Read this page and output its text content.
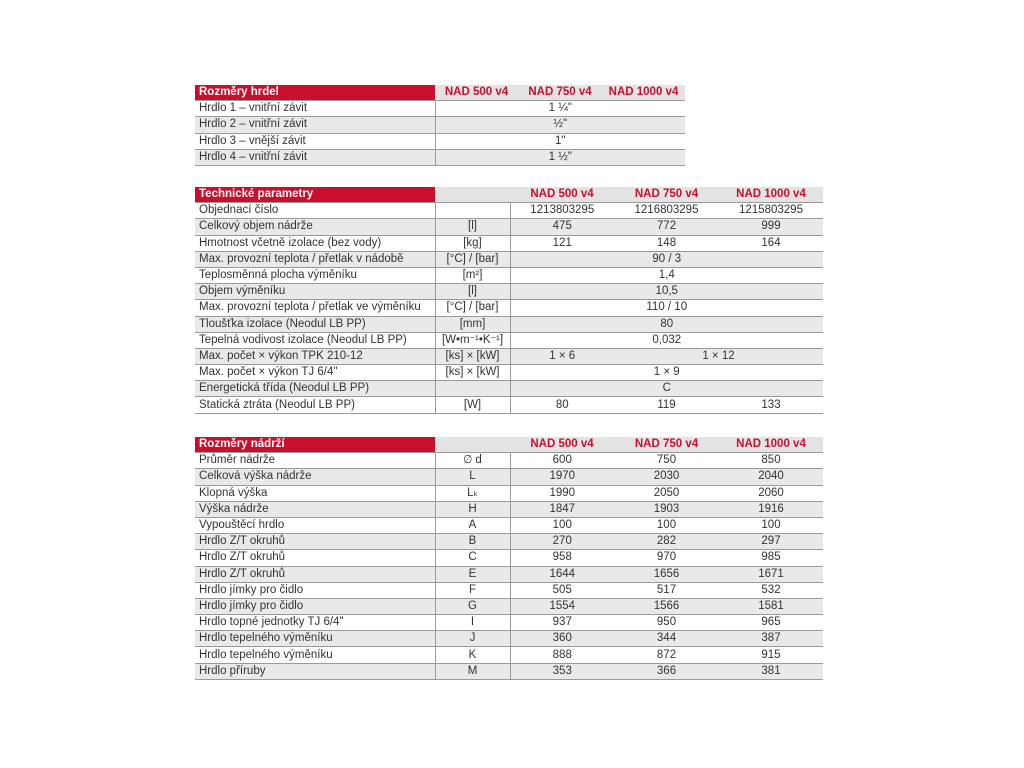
Rozměry hrdel	NAD 500 v4	NAD 750 v4	NAD 1000 v4
Hrdlo 1 – vnitřní závit	1 ¼"		
Hrdlo 2 – vnitřní závit	½"		
Hrdlo 3 – vnější závit	1"		
Hrdlo 4 – vnitřní závit	1 ½"		
Technické parametry		NAD 500 v4	NAD 750 v4	NAD 1000 v4
Objednací číslo		1213803295	1216803295	1215803295
Celkový objem nádrže	[l]	475	772	999
Hmotnost včetně izolace (bez vody)	[kg]	121	148	164
Max. provozní teplota / přetlak v nádobě	[°C] / [bar]	90 / 3		
Teplosměnná plocha výměníku	[m²]	1,4		
Objem výměníku	[l]	10,5		
Max. provozní teplota / přetlak ve výměníku	[°C] / [bar]	110 / 10		
Tloušťka izolace (Neodul LB PP)	[mm]	80		
Tepelná vodivost izolace (Neodul LB PP)	[W•m⁻¹•K⁻¹]	0,032		
Max. počet × výkon TPK 210-12	[ks] × [kW]	1 × 6	1 × 12	
Max. počet × výkon TJ 6/4"	[ks] × [kW]	1 × 9		
Energetická třída (Neodul LB PP)		C		
Statická ztráta (Neodul LB PP)	[W]	80	119	133
Rozměry nádrží		NAD 500 v4	NAD 750 v4	NAD 1000 v4
Průměr nádrže	∅ d	600	750	850
Celková výška nádrže	L	1970	2030	2040
Klopná výška	Lₖ	1990	2050	2060
Výška nádrže	H	1847	1903	1916
Vypouštěcí hrdlo	A	100	100	100
Hrdlo Z/T okruhů	B	270	282	297
Hrdlo Z/T okruhů	C	958	970	985
Hrdlo Z/T okruhů	E	1644	1656	1671
Hrdlo jímky pro čidlo	F	505	517	532
Hrdlo jímky pro čidlo	G	1554	1566	1581
Hrdlo topné jednotky TJ 6/4"	I	937	950	965
Hrdlo tepelného výměníku	J	360	344	387
Hrdlo tepelného výměníku	K	888	872	915
Hrdlo příruby	M	353	366	381
